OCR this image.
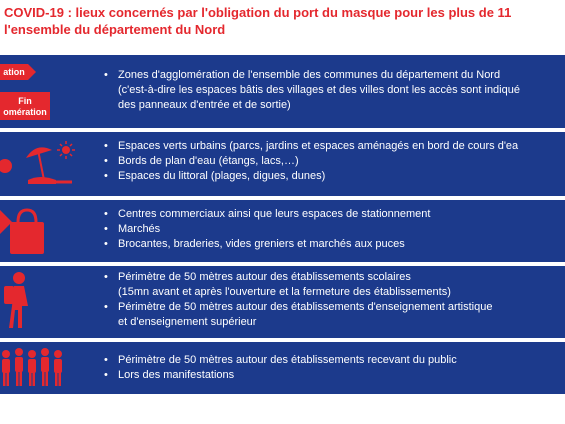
COVID-19 : lieux concernés par l'obligation du port du masque pour les plus de 11
l'ensemble du département du Nord
ation
Fin
omération
• Zones d'agglomération de l'ensemble des communes du département du Nord
(c'est-à-dire les espaces bâtis des villages et des villes dont les accès sont indiqué
des panneaux d'entrée et de sortie)
• Espaces verts urbains (parcs, jardins et espaces aménagés en bord de cours d'ea
• Bords de plan d'eau (étangs, lacs,…)
• Espaces du littoral (plages, digues, dunes)
• Centres commerciaux ainsi que leurs espaces de stationnement
• Marchés
• Brocantes, braderies, vides greniers et marchés aux puces
• Périmètre de 50 mètres autour des établissements scolaires
(15mn avant et après l'ouverture et la fermeture des établissements)
• Périmètre de 50 mètres autour des établissements d'enseignement artistique
et d'enseignement supérieur
• Périmètre de 50 mètres autour des établissements recevant du public
• Lors des manifestations
